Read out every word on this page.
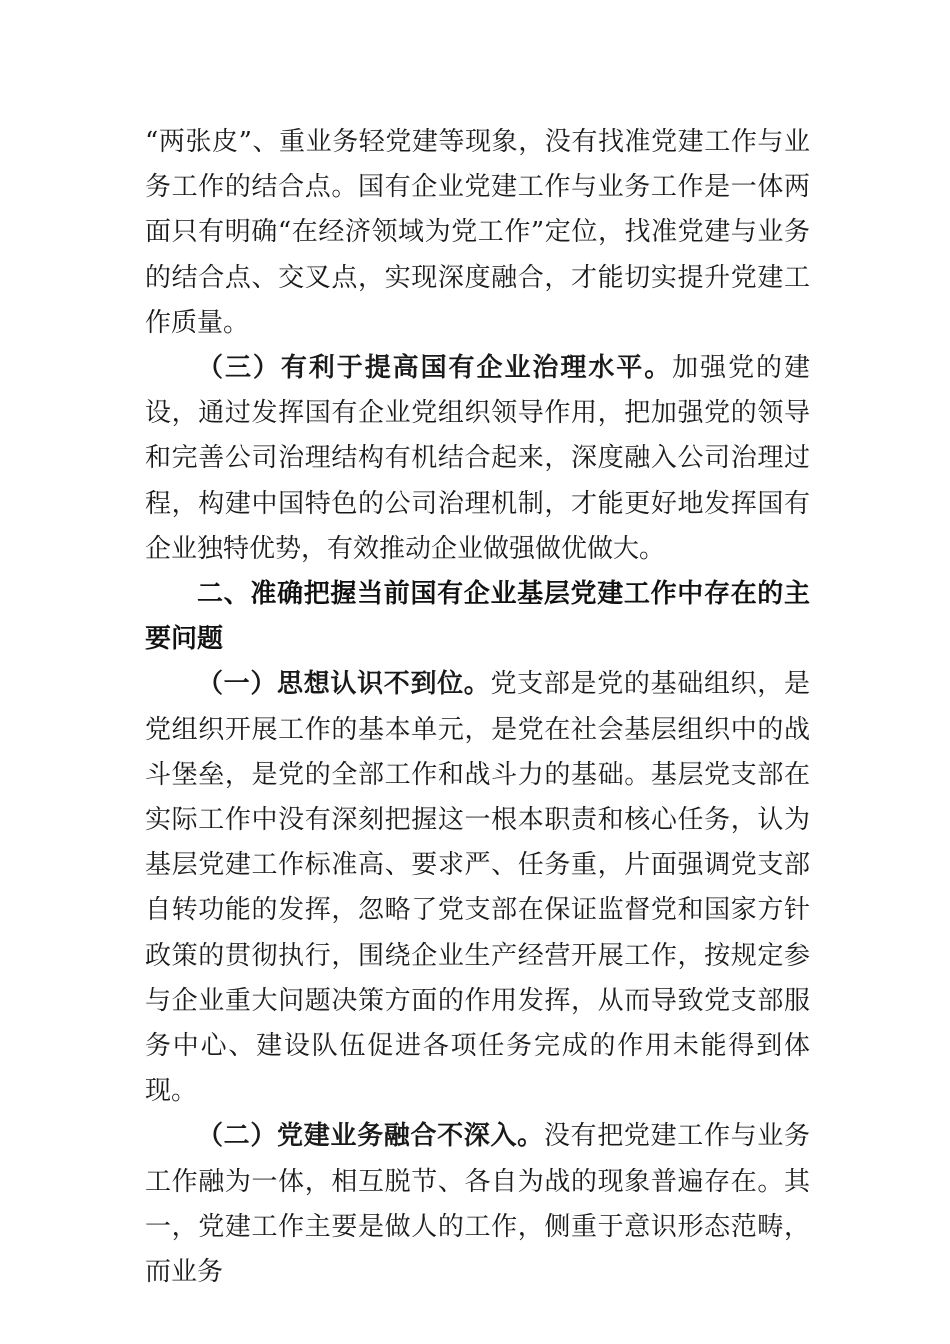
“两张皮”、重业务轻党建等现象，没有找准党建工作与业务工作的结合点。国有企业党建工作与业务工作是一体两面只有明确“在经济领域为党工作”定位，找准党建与业务的结合点、交叉点，实现深度融合，才能切实提升党建工作质量。

（三）有利于提高国有企业治理水平。加强党的建设，通过发挥国有企业党组织领导作用，把加强党的领导和完善公司治理结构有机结合起来，深度融入公司治理过程，构建中国特色的公司治理机制，才能更好地发挥国有企业独特优势，有效推动企业做强做优做大。

二、准确把握当前国有企业基层党建工作中存在的主要问题

（一）思想认识不到位。党支部是党的基础组织，是党组织开展工作的基本单元，是党在社会基层组织中的战斗堡垒，是党的全部工作和战斗力的基础。基层党支部在实际工作中没有深刻把握这一根本职责和核心任务，认为基层党建工作标准高、要求严、任务重，片面强调党支部自转功能的发挥，忽略了党支部在保证监督党和国家方针政策的贯彻执行，围绕企业生产经营开展工作，按规定参与企业重大问题决策方面的作用发挥，从而导致党支部服务中心、建设队伍促进各项任务完成的作用未能得到体现。

（二）党建业务融合不深入。没有把党建工作与业务工作融为一体，相互脱节、各自为战的现象普遍存在。其一，党建工作主要是做人的工作，侧重于意识形态范畴，而业务
